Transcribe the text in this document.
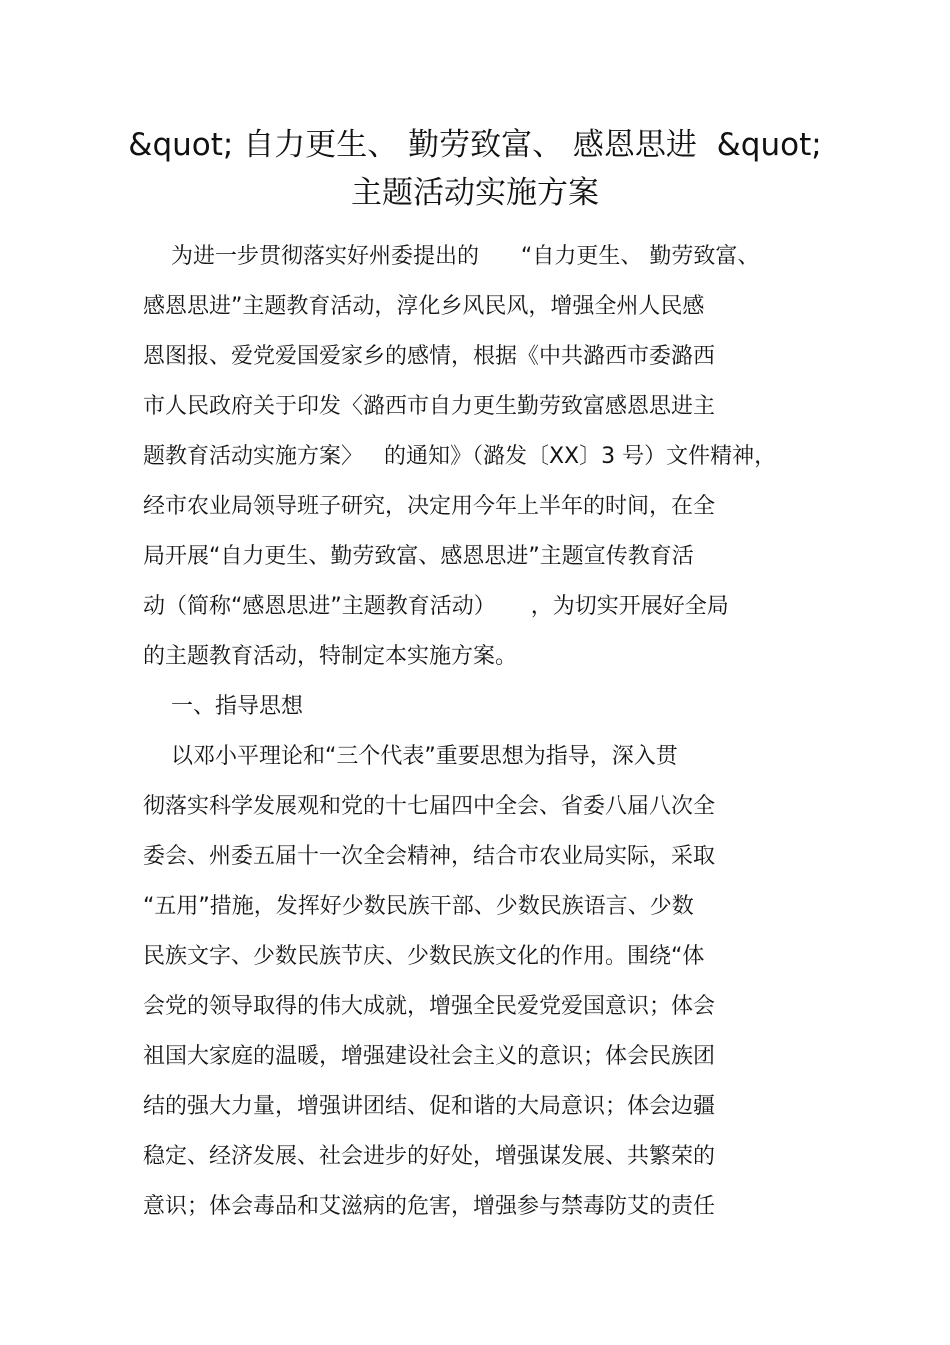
&quot; 自力更生、 勤劳致富、 感恩思进  &quot;
主题活动实施方案
为进一步贯彻落实好州委提出的      “自力更生、 勤劳致富、
感恩思进”主题教育活动，淳化乡风民风，增强全州人民感
恩图报、爱党爱国爱家乡的感情，根据《中共潞西市委潞西
市人民政府关于印发〈潞西市自力更生勤劳致富感恩思进主
题教育活动实施方案〉   的通知》（潞发〔XX〕3 号）文件精神，
经市农业局领导班子研究，决定用今年上半年的时间，在全
局开展“自力更生、勤劳致富、感恩思进”主题宣传教育活
动（简称“感恩思进”主题教育活动）     ，为切实开展好全局
的主题教育活动，特制定本实施方案。
一、指导思想
以邓小平理论和“三个代表”重要思想为指导，深入贯
彻落实科学发展观和党的十七届四中全会、省委八届八次全
委会、州委五届十一次全会精神，结合市农业局实际，采取
“五用”措施，发挥好少数民族干部、少数民族语言、少数
民族文字、少数民族节庆、少数民族文化的作用。围绕“体
会党的领导取得的伟大成就，增强全民爱党爱国意识；体会
祖国大家庭的温暖，增强建设社会主义的意识；体会民族团
结的强大力量，增强讲团结、促和谐的大局意识；体会边疆
稳定、经济发展、社会进步的好处，增强谋发展、共繁荣的
意识；体会毒品和艾滋病的危害，增强参与禁毒防艾的责任
